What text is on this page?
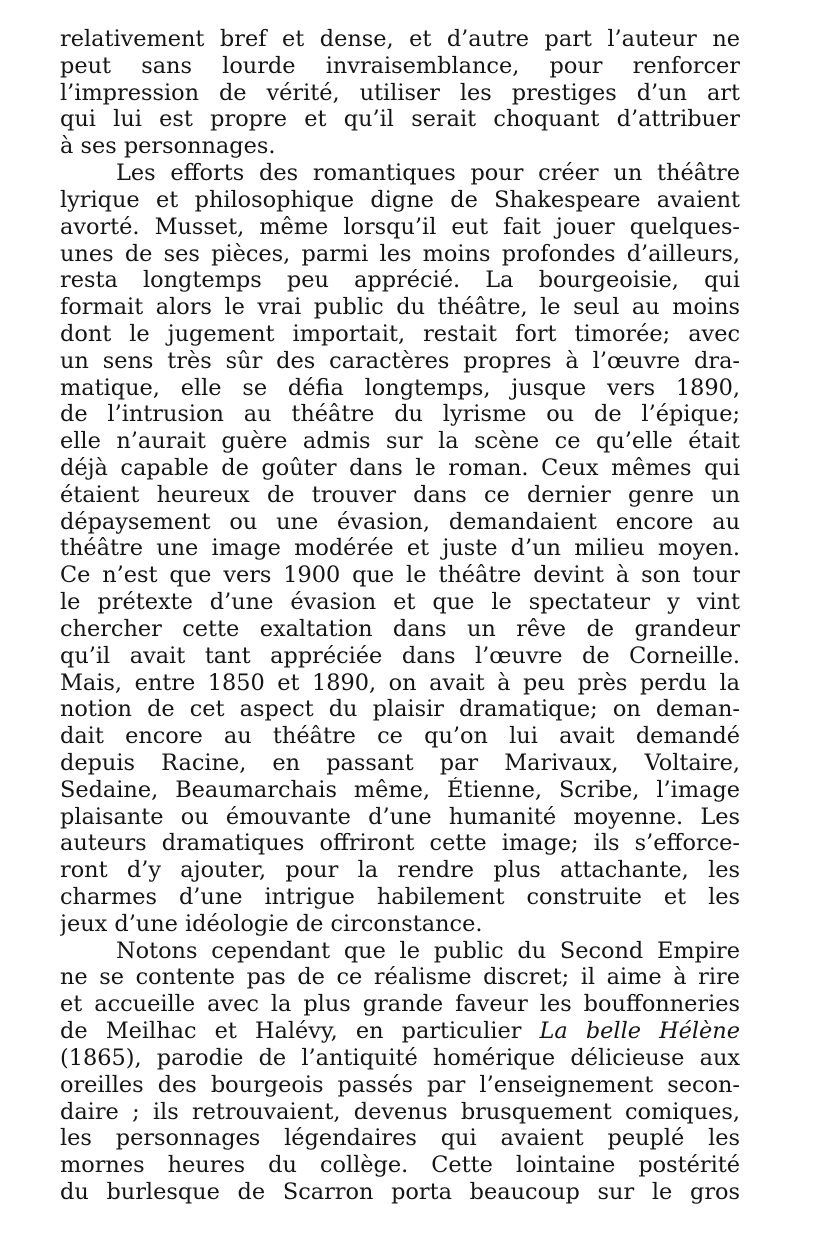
relativement bref et dense, et d’autre part l’auteur ne
peut sans lourde invraisemblance, pour renforcer
l’impression de vérité, utiliser les prestiges d’un art
qui lui est propre et qu’il serait choquant d’attribuer
à ses personnages.
Les efforts des romantiques pour créer un théâtre
lyrique et philosophique digne de Shakespeare avaient
avorté. Musset, même lorsqu’il eut fait jouer quelques-
unes de ses pièces, parmi les moins profondes d’ailleurs,
resta longtemps peu apprécié. La bourgeoisie, qui
formait alors le vrai public du théâtre, le seul au moins
dont le jugement importait, restait fort timorée; avec
un sens très sûr des caractères propres à l’œuvre dra-
matique, elle se défia longtemps, jusque vers 1890,
de l’intrusion au théâtre du lyrisme ou de l’épique;
elle n’aurait guère admis sur la scène ce qu’elle était
déjà capable de goûter dans le roman. Ceux mêmes qui
étaient heureux de trouver dans ce dernier genre un
dépaysement ou une évasion, demandaient encore au
théâtre une image modérée et juste d’un milieu moyen.
Ce n’est que vers 1900 que le théâtre devint à son tour
le prétexte d’une évasion et que le spectateur y vint
chercher cette exaltation dans un rêve de grandeur
qu’il avait tant appréciée dans l’œuvre de Corneille.
Mais, entre 1850 et 1890, on avait à peu près perdu la
notion de cet aspect du plaisir dramatique; on deman-
dait encore au théâtre ce qu’on lui avait demandé
depuis Racine, en passant par Marivaux, Voltaire,
Sedaine, Beaumarchais même, Étienne, Scribe, l’image
plaisante ou émouvante d’une humanité moyenne. Les
auteurs dramatiques offriront cette image; ils s’efforce-
ront d’y ajouter, pour la rendre plus attachante, les
charmes d’une intrigue habilement construite et les
jeux d’une idéologie de circonstance.
Notons cependant que le public du Second Empire
ne se contente pas de ce réalisme discret; il aime à rire
et accueille avec la plus grande faveur les bouffonneries
de Meilhac et Halévy, en particulier La belle Hélène
(1865), parodie de l’antiquité homérique délicieuse aux
oreilles des bourgeois passés par l’enseignement secon-
daire ; ils retrouvaient, devenus brusquement comiques,
les personnages légendaires qui avaient peuplé les
mornes heures du collège. Cette lointaine postérité
du burlesque de Scarron porta beaucoup sur le gros
